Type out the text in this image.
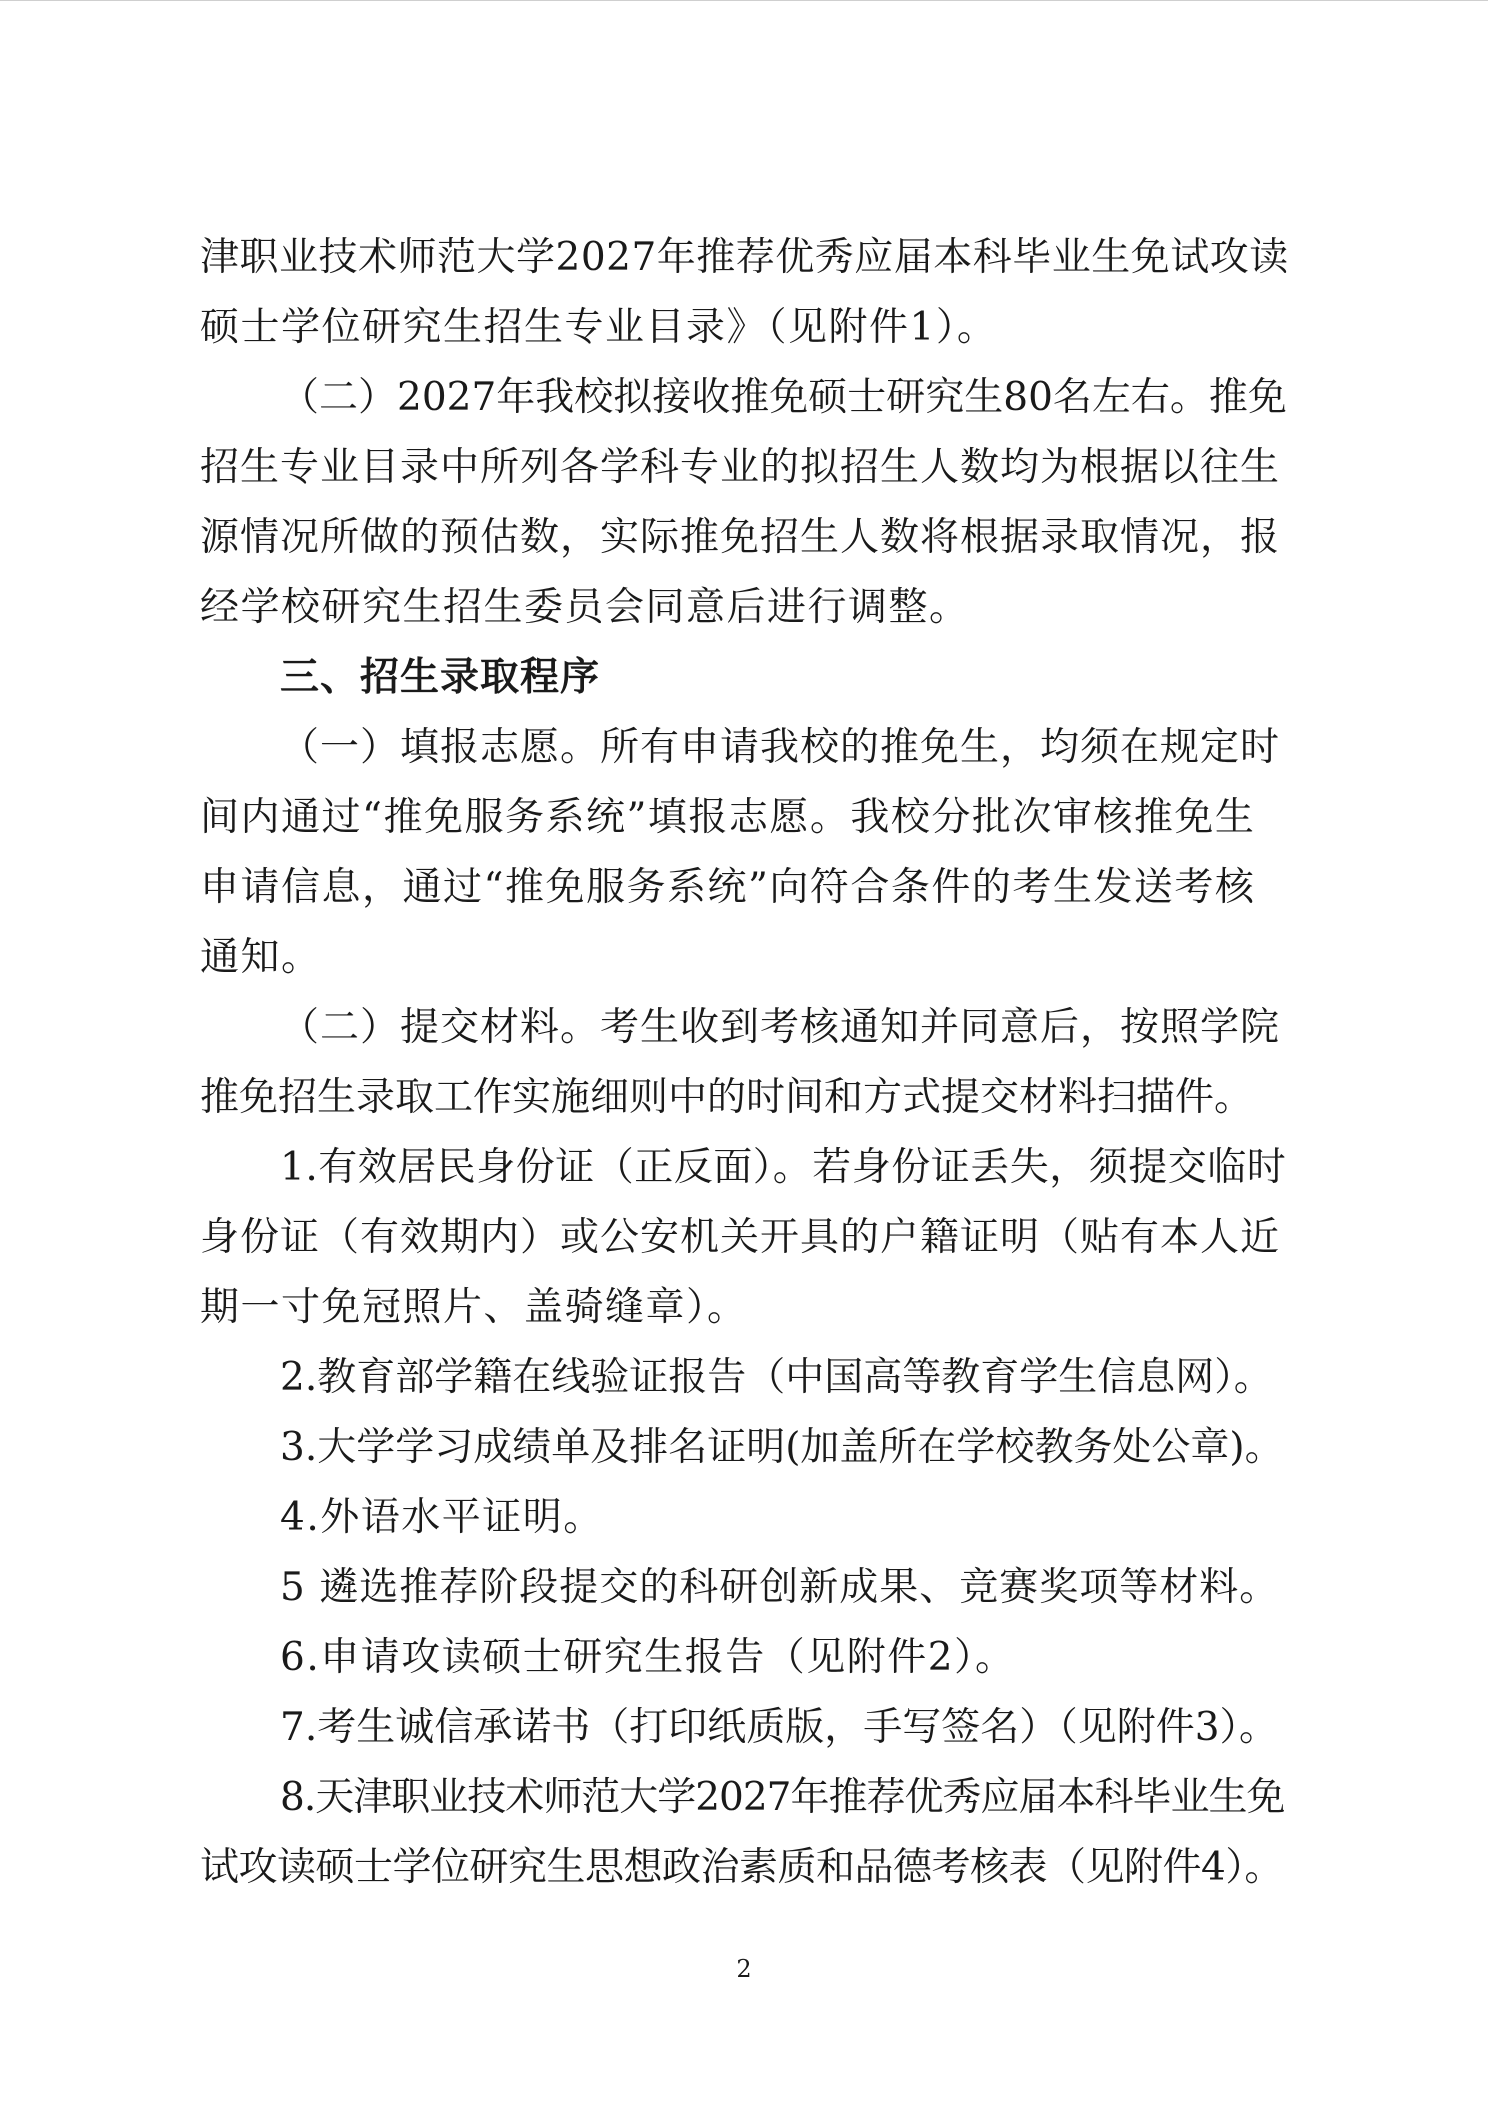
津职业技术师范大学2027年推荐优秀应届本科毕业生免试攻读
硕士学位研究生招生专业目录》（见附件1）。
（二）2027年我校拟接收推免硕士研究生80名左右。推免
招生专业目录中所列各学科专业的拟招生人数均为根据以往生
源情况所做的预估数，实际推免招生人数将根据录取情况，报
经学校研究生招生委员会同意后进行调整。
三、招生录取程序
（一）填报志愿。所有申请我校的推免生，均须在规定时
间内通过“推免服务系统”填报志愿。我校分批次审核推免生
申请信息，通过“推免服务系统”向符合条件的考生发送考核
通知。
（二）提交材料。考生收到考核通知并同意后，按照学院
推免招生录取工作实施细则中的时间和方式提交材料扫描件。
1.有效居民身份证（正反面）。若身份证丢失，须提交临时
身份证（有效期内）或公安机关开具的户籍证明（贴有本人近
期一寸免冠照片、盖骑缝章）。
2.教育部学籍在线验证报告（中国高等教育学生信息网）。
3.大学学习成绩单及排名证明(加盖所在学校教务处公章)。
4.外语水平证明。
5 遴选推荐阶段提交的科研创新成果、竞赛奖项等材料。
6.申请攻读硕士研究生报告（见附件2）。
7.考生诚信承诺书（打印纸质版，手写签名）（见附件3）。
8.天津职业技术师范大学2027年推荐优秀应届本科毕业生免
试攻读硕士学位研究生思想政治素质和品德考核表（见附件4）。
2
